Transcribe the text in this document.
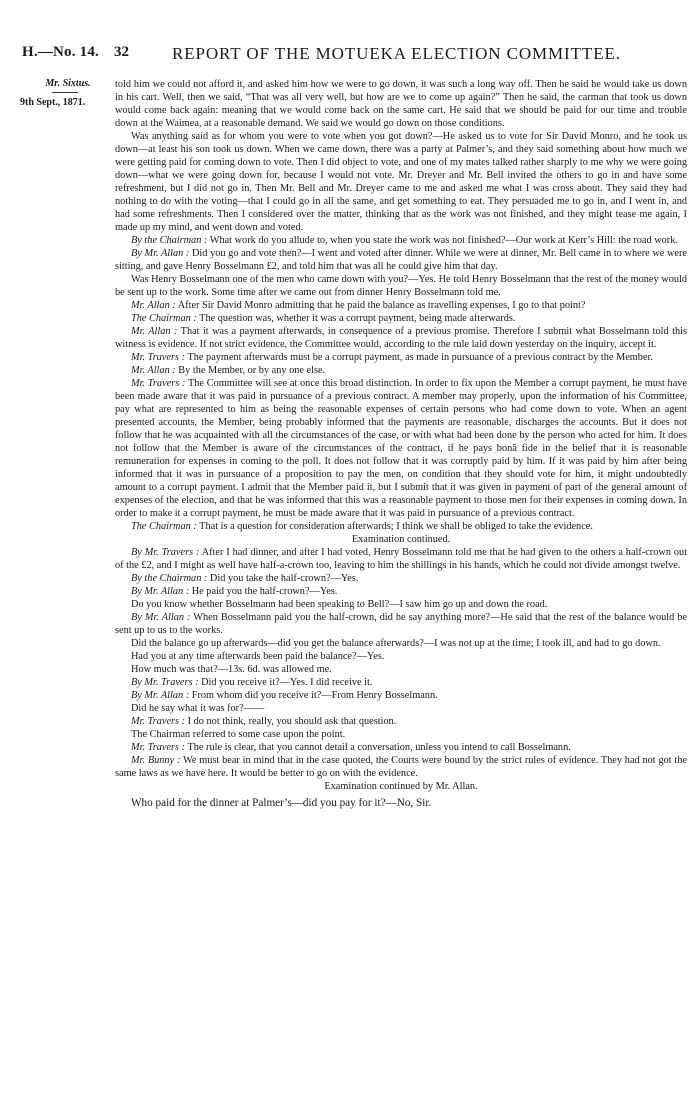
H.—No. 14. 32	REPORT OF THE MOTUEKA ELECTION COMMITTEE.
Mr. Sixtus.
9th Sept., 1871.

told him we could not afford it, and asked him how we were to go down, it was such a long way off. Then he said he would take us down in his cart. Well, then we said, “That was all very well, but how are we to come up again?” Then he said, the carman that took us down would come back again: meaning that we would come back on the same cart. He said that we should be paid for our time and trouble down at the Waimea, at a reasonable demand. We said we would go down on those conditions.

Was anything said as for whom you were to vote when you got down?—He asked us to vote for Sir David Monro, and he took us down—at least his son took us down. When we came down, there was a party at Palmer’s, and they said something about how much we were getting paid for coming down to vote. Then I did object to vote, and one of my mates talked rather sharply to me why we were going down—what we were going down for, because I would not vote. Mr. Dreyer and Mr. Bell invited the others to go in and have some refreshment, but I did not go in. Then Mr. Bell and Mr. Dreyer came to me and asked me what I was cross about. They said they had nothing to do with the voting—that I could go in all the same, and get something to eat. They persuaded me to go in, and I went in, and had some refreshments. Then I considered over the matter, thinking that as the work was not finished, and they might tease me again, I made up my mind, and went down and voted.

By the Chairman : What work do you allude to, when you state the work was not finished?—Our work at Kerr’s Hill: the road work.

By Mr. Allan : Did you go and vote then?—I went and voted after dinner. While we were at dinner, Mr. Bell came in to where we were sitting, and gave Henry Bosselmann £2, and told him that was all he could give him that day.

Was Henry Bosselmann one of the men who came down with you?—Yes. He told Henry Bosselmann that the rest of the money would be sent up to the work. Some time after we came out from dinner Henry Bosselmann told me.

Mr. Allan : After Sir David Monro admitting that he paid the balance as travelling expenses, I go to that point?

The Chairman : The question was, whether it was a corrupt payment, being made afterwards.

Mr. Allan : That it was a payment afterwards, in consequence of a previous promise. Therefore I submit what Bosselmann told this witness is evidence. If not strict evidence, the Committee would, according to the rule laid down yesterday on the inquiry, accept it.

Mr. Travers : The payment afterwards must be a corrupt payment, as made in pursuance of a previous contract by the Member.

Mr. Allan : By the Member, or by any one else.

Mr. Travers : The Committee will see at once this broad distinction. In order to fix upon the Member a corrupt payment, he must have been made aware that it was paid in pursuance of a previous contract. A member may properly, upon the information of his Committee, pay what are represented to him as being the reasonable expenses of certain persons who had come down to vote. When an agent presented accounts, the Member, being probably informed that the payments are reasonable, discharges the accounts. But it does not follow that he was acquainted with all the circumstances of the case, or with what had been done by the person who acted for him. It does not follow that the Member is aware of the circumstances of the contract, if he pays bonâ fide in the belief that it is reasonable remuneration for expenses in coming to the poll. It does not follow that it was corruptly paid by him. If it was paid by him after being informed that it was in pursuance of a proposition to pay the men, on condition that they should vote for him, it might undoubtedly amount to a corrupt payment. I admit that the Member paid it, but I submit that it was given in payment of part of the general amount of expenses of the election, and that he was informed that this was a reasonable payment to those men for their expenses in coming down. In order to make it a corrupt payment, he must be made aware that it was paid in pursuance of a previous contract.

The Chairman : That is a question for consideration afterwards; I think we shall be obliged to take the evidence.

Examination continued.

By Mr. Travers : After I had dinner, and after I had voted, Henry Bosselmann told me that he had given to the others a half-crown out of the £2, and I might as well have half-a-crown too, leaving to him the shillings in his hands, which he could not divide amongst twelve.

By the Chairman : Did you take the half-crown?—Yes.

By Mr. Allan : He paid you the half-crown?—Yes.

Do you know whether Bosselmann had been speaking to Bell?—I saw him go up and down the road.

By Mr. Allan : When Bosselmann paid you the half-crown, did he say anything more?—He said that the rest of the balance would be sent up to us to the works.

Did the balance go up afterwards—did you get the balance afterwards?—I was not up at the time; I took ill, and had to go down.

Had you at any time afterwards been paid the balance?—Yes.

How much was that?—13s. 6d. was allowed me.

By Mr. Travers : Did you receive it?—Yes. I did receive it.

By Mr. Allan : From whom did you receive it?—From Henry Bosselmann.

Did he say what it was for?——

Mr. Travers : I do not think, really, you should ask that question.

The Chairman referred to some case upon the point.

Mr. Travers : The rule is clear, that you cannot detail a conversation, unless you intend to call Bosselmann.

Mr. Bunny : We must bear in mind that in the case quoted, the Courts were bound by the strict rules of evidence. They had not got the same laws as we have here. It would be better to go on with the evidence.

Examination continued by Mr. Allan.

Who paid for the dinner at Palmer’s—did you pay for it?—No, Sir.
